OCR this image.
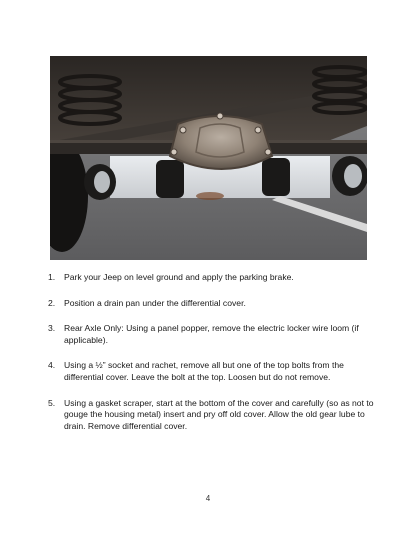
1. Park your Jeep on level ground and apply the parking brake.
2. Position a drain pan under the differential cover.
3. Rear Axle Only: Using a panel popper, remove the electric locker wire loom (if applicable).
4. Using a ½” socket and rachet, remove all but one of the top bolts from the differential cover. Leave the bolt at the top. Loosen but do not remove.
5. Using a gasket scraper, start at the bottom of the cover and carefully (so as not to gouge the housing metal) insert and pry off old cover. Allow the old gear lube to drain. Remove differential cover.
4
